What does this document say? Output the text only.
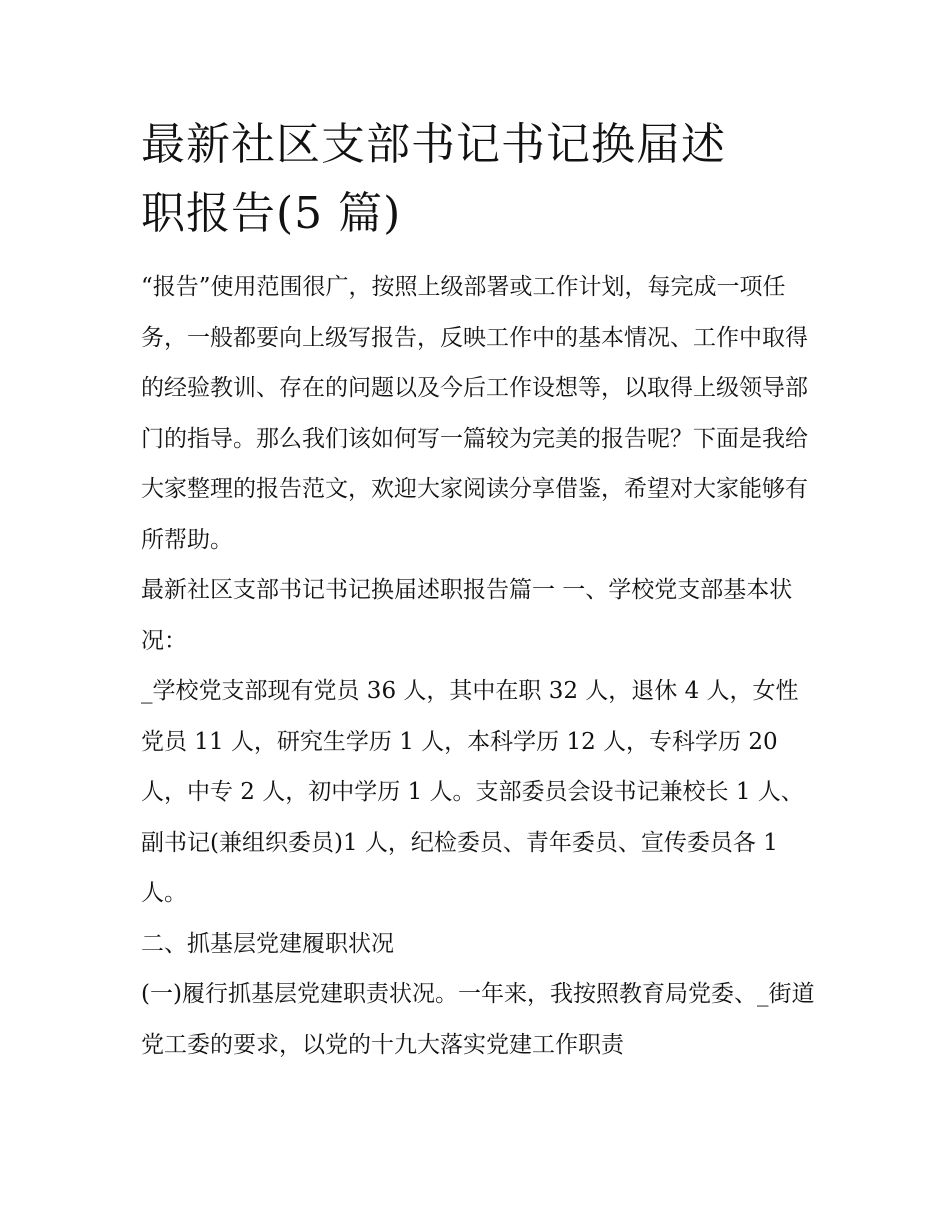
最新社区支部书记书记换届述
职报告(5 篇)

“报告”使用范围很广，按照上级部署或工作计划，每完成一项任务，一般都要向上级写报告，反映工作中的基本情况、工作中取得的经验教训、存在的问题以及今后工作设想等，以取得上级领导部门的指导。那么我们该如何写一篇较为完美的报告呢？下面是我给大家整理的报告范文，欢迎大家阅读分享借鉴，希望对大家能够有所帮助。

最新社区支部书记书记换届述职报告篇一 一、学校党支部基本状况：

_学校党支部现有党员 36 人，其中在职 32 人，退休 4 人，女性党员 11 人，研究生学历 1 人，本科学历 12 人，专科学历 20 人，中专 2 人，初中学历 1 人。支部委员会设书记兼校长 1 人、副书记(兼组织委员)1 人，纪检委员、青年委员、宣传委员各 1 人。

二、抓基层党建履职状况

(一)履行抓基层党建职责状况。一年来，我按照教育局党委、_街道党工委的要求，以党的十九大落实党建工作职责
